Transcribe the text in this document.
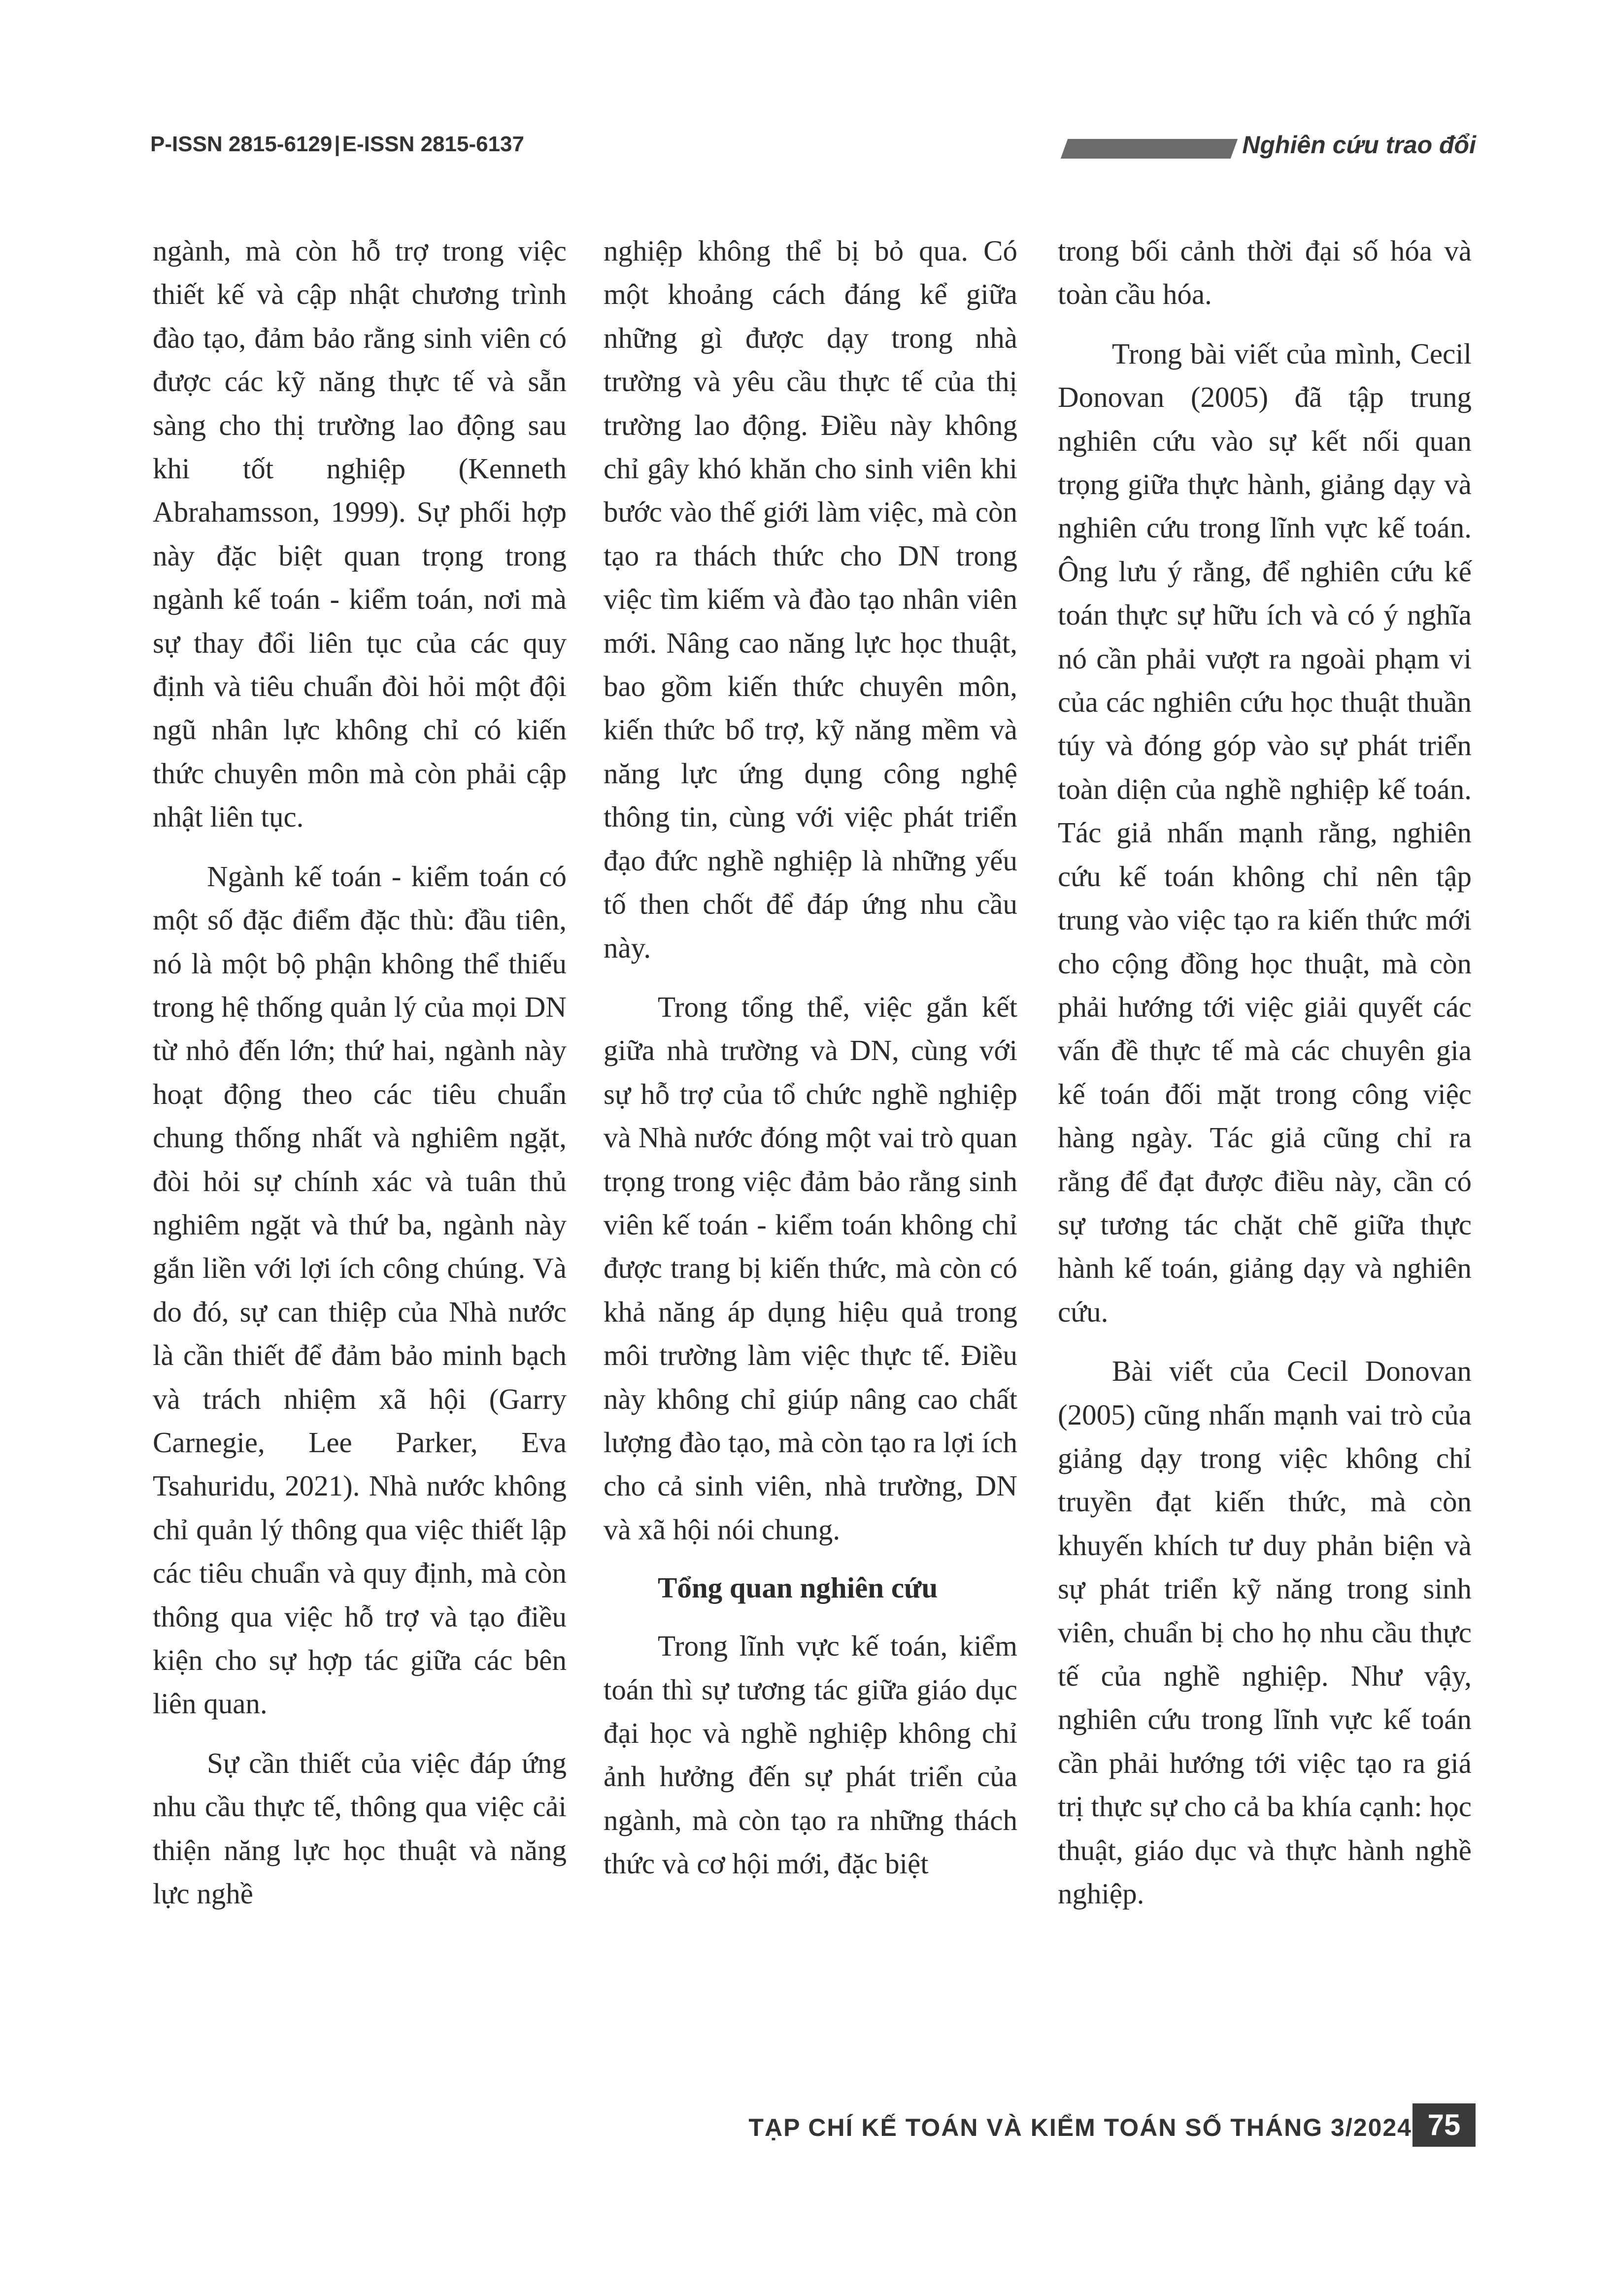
P-ISSN 2815-6129|E-ISSN 2815-6137	Nghiên cứu trao đổi

ngành, mà còn hỗ trợ trong việc thiết kế và cập nhật chương trình đào tạo, đảm bảo rằng sinh viên có được các kỹ năng thực tế và sẵn sàng cho thị trường lao động sau khi tốt nghiệp (Kenneth Abrahamsson, 1999). Sự phối hợp này đặc biệt quan trọng trong ngành kế toán - kiểm toán, nơi mà sự thay đổi liên tục của các quy định và tiêu chuẩn đòi hỏi một đội ngũ nhân lực không chỉ có kiến thức chuyên môn mà còn phải cập nhật liên tục.

Ngành kế toán - kiểm toán có một số đặc điểm đặc thù: đầu tiên, nó là một bộ phận không thể thiếu trong hệ thống quản lý của mọi DN từ nhỏ đến lớn; thứ hai, ngành này hoạt động theo các tiêu chuẩn chung thống nhất và nghiêm ngặt, đòi hỏi sự chính xác và tuân thủ nghiêm ngặt và thứ ba, ngành này gắn liền với lợi ích công chúng. Và do đó, sự can thiệp của Nhà nước là cần thiết để đảm bảo minh bạch và trách nhiệm xã hội (Garry Carnegie, Lee Parker, Eva Tsahuridu, 2021). Nhà nước không chỉ quản lý thông qua việc thiết lập các tiêu chuẩn và quy định, mà còn thông qua việc hỗ trợ và tạo điều kiện cho sự hợp tác giữa các bên liên quan.

Sự cần thiết của việc đáp ứng nhu cầu thực tế, thông qua việc cải thiện năng lực học thuật và năng lực nghề

nghiệp không thể bị bỏ qua. Có một khoảng cách đáng kể giữa những gì được dạy trong nhà trường và yêu cầu thực tế của thị trường lao động. Điều này không chỉ gây khó khăn cho sinh viên khi bước vào thế giới làm việc, mà còn tạo ra thách thức cho DN trong việc tìm kiếm và đào tạo nhân viên mới. Nâng cao năng lực học thuật, bao gồm kiến thức chuyên môn, kiến thức bổ trợ, kỹ năng mềm và năng lực ứng dụng công nghệ thông tin, cùng với việc phát triển đạo đức nghề nghiệp là những yếu tố then chốt để đáp ứng nhu cầu này.

Trong tổng thể, việc gắn kết giữa nhà trường và DN, cùng với sự hỗ trợ của tổ chức nghề nghiệp và Nhà nước đóng một vai trò quan trọng trong việc đảm bảo rằng sinh viên kế toán - kiểm toán không chỉ được trang bị kiến thức, mà còn có khả năng áp dụng hiệu quả trong môi trường làm việc thực tế. Điều này không chỉ giúp nâng cao chất lượng đào tạo, mà còn tạo ra lợi ích cho cả sinh viên, nhà trường, DN và xã hội nói chung.

Tổng quan nghiên cứu

Trong lĩnh vực kế toán, kiểm toán thì sự tương tác giữa giáo dục đại học và nghề nghiệp không chỉ ảnh hưởng đến sự phát triển của ngành, mà còn tạo ra những thách thức và cơ hội mới, đặc biệt

trong bối cảnh thời đại số hóa và toàn cầu hóa.

Trong bài viết của mình, Cecil Donovan (2005) đã tập trung nghiên cứu vào sự kết nối quan trọng giữa thực hành, giảng dạy và nghiên cứu trong lĩnh vực kế toán. Ông lưu ý rằng, để nghiên cứu kế toán thực sự hữu ích và có ý nghĩa nó cần phải vượt ra ngoài phạm vi của các nghiên cứu học thuật thuần túy và đóng góp vào sự phát triển toàn diện của nghề nghiệp kế toán. Tác giả nhấn mạnh rằng, nghiên cứu kế toán không chỉ nên tập trung vào việc tạo ra kiến thức mới cho cộng đồng học thuật, mà còn phải hướng tới việc giải quyết các vấn đề thực tế mà các chuyên gia kế toán đối mặt trong công việc hàng ngày. Tác giả cũng chỉ ra rằng để đạt được điều này, cần có sự tương tác chặt chẽ giữa thực hành kế toán, giảng dạy và nghiên cứu.

Bài viết của Cecil Donovan (2005) cũng nhấn mạnh vai trò của giảng dạy trong việc không chỉ truyền đạt kiến thức, mà còn khuyến khích tư duy phản biện và sự phát triển kỹ năng trong sinh viên, chuẩn bị cho họ nhu cầu thực tế của nghề nghiệp. Như vậy, nghiên cứu trong lĩnh vực kế toán cần phải hướng tới việc tạo ra giá trị thực sự cho cả ba khía cạnh: học thuật, giáo dục và thực hành nghề nghiệp.

TẠP CHÍ KẾ TOÁN VÀ KIỂM TOÁN SỐ THÁNG 3/2024 75
